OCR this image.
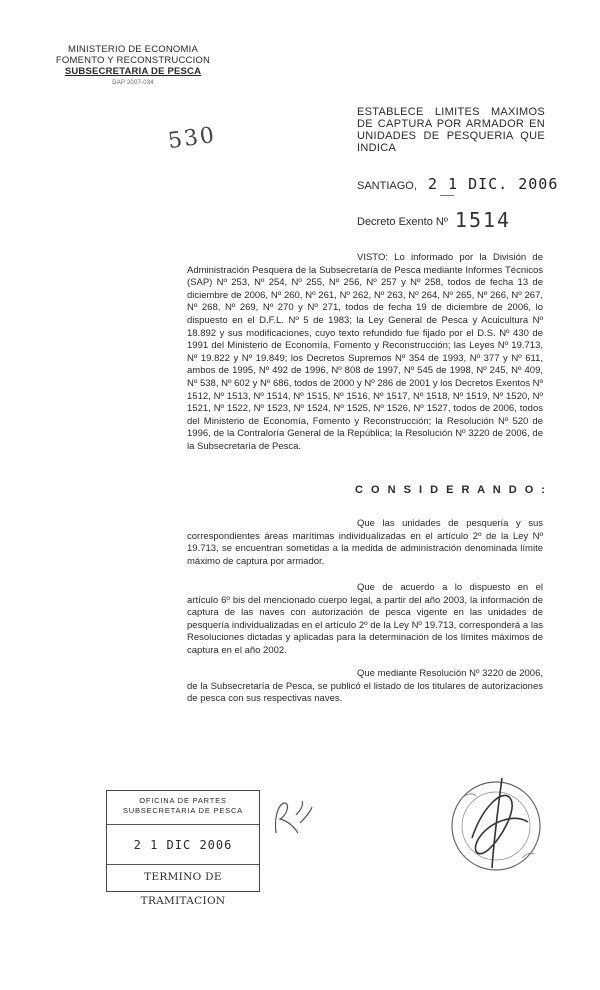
MINISTERIO DE ECONOMIA
FOMENTO Y RECONSTRUCCION
SUBSECRETARIA DE PESCA
DAP 2007-034
530
ESTABLECE LIMITES MAXIMOS DE CAPTURA POR ARMADOR EN UNIDADES DE PESQUERIA QUE INDICA
SANTIAGO, 2 1 DIC. 2006
Decreto Exento Nº 1514
VISTO: Lo informado por la División de Administración Pesquera de la Subsecretaría de Pesca mediante Informes Técnicos (SAP) Nº 253, Nº 254, Nº 255, Nº 256, Nº 257 y Nº 258, todos de fecha 13 de diciembre de 2006, Nº 260, Nº 261, Nº 262, Nº 263, Nº 264, Nº 265, Nº 266, Nº 267, Nº 268, Nº 269, Nº 270 y Nº 271, todos de fecha 19 de diciembre de 2006, lo dispuesto en el D.F.L. Nº 5 de 1983; la Ley General de Pesca y Acuicultura Nº 18.892 y sus modificaciones, cuyo texto refundido fue fijado por el D.S. Nº 430 de 1991 del Ministerio de Economía, Fomento y Reconstrucción; las Leyes Nº 19.713, Nº 19.822 y Nº 19.849; los Decretos Supremos Nº 354 de 1993, Nº 377 y Nº 611, ambos de 1995, Nº 492 de 1996, Nº 808 de 1997, Nº 545 de 1998, Nº 245, Nº 409, Nº 538, Nº 602 y Nº 686, todos de 2000 y Nº 286 de 2001 y los Decretos Exentos Nº 1512, Nº 1513, Nº 1514, Nº 1515, Nº 1516, Nº 1517, Nº 1518, Nº 1519, Nº 1520, Nº 1521, Nº 1522, Nº 1523, Nº 1524, Nº 1525, Nº 1526, Nº 1527, todos de 2006, todos del Ministerio de Economía, Fomento y Reconstrucción; la Resolución Nº 520 de 1996, de la Contraloría General de la República; la Resolución Nº 3220 de 2006, de la Subsecretaría de Pesca.
C O N S I D E R A N D O :
Que las unidades de pesquería y sus correspondientes áreas marítimas individualizadas en el artículo 2º de la Ley Nº 19.713, se encuentran sometidas a la medida de administración denominada límite máximo de captura por armador.
Que de acuerdo a lo dispuesto en el artículo 6º bis del mencionado cuerpo legal, a partir del año 2003, la información de captura de las naves con autorización de pesca vigente en las unidades de pesquería individualizadas en el artículo 2º de la Ley Nº 19.713, corresponderá a las Resoluciones dictadas y aplicadas para la determinación de los límites máximos de captura en el año 2002.
Que mediante Resolución Nº 3220 de 2006, de la Subsecretaría de Pesca, se publicó el listado de los titulares de autorizaciones de pesca con sus respectivas naves.
OFICINA DE PARTES
SUBSECRETARIA DE PESCA
2 1 DIC 2006
TERMINO DE TRAMITACION
